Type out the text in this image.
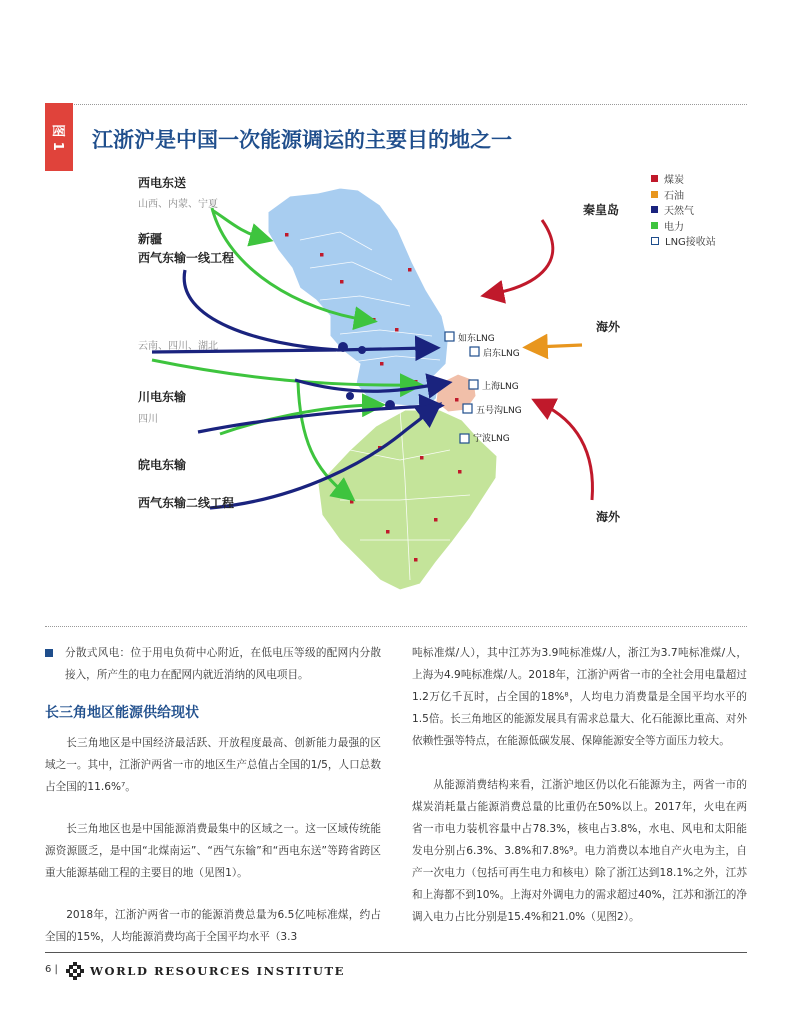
图 1 江浙沪是中国一次能源调运的主要目的地之一
西电东送
山西、内蒙、宁夏
新疆
西气东输一线工程
云南、四川、湖北
川电东输
四川
皖电东输
西气东输二线工程
秦皇岛
海外
海外
如东LNG
启东LNG
上海LNG
五号沟LNG
宁波LNG
煤炭
石油
天然气
电力
LNG接收站

分散式风电：位于用电负荷中心附近，在低电压等级的配网内分散接入，所产生的电力在配网内就近消纳的风电项目。

长三角地区能源供给现状

长三角地区是中国经济最活跃、开放程度最高、创新能力最强的区域之一。其中，江浙沪两省一市的地区生产总值占全国的1/5，人口总数占全国的11.6%⁷。

长三角地区也是中国能源消费最集中的区域之一。这一区域传统能源资源匮乏，是中国“北煤南运”、“西气东输”和“西电东送”等跨省跨区重大能源基础工程的主要目的地（见图1）。

2018年，江浙沪两省一市的能源消费总量为6.5亿吨标准煤，约占全国的15%，人均能源消费均高于全国平均水平（3.3

吨标准煤/人），其中江苏为3.9吨标准煤/人，浙江为3.7吨标准煤/人，上海为4.9吨标准煤/人。2018年，江浙沪两省一市的全社会用电量超过1.2万亿千瓦时，占全国的18%⁸，人均电力消费量是全国平均水平的1.5倍。长三角地区的能源发展具有需求总量大、化石能源比重高、对外依赖性强等特点，在能源低碳发展、保障能源安全等方面压力较大。

从能源消费结构来看，江浙沪地区仍以化石能源为主，两省一市的煤炭消耗量占能源消费总量的比重仍在50%以上。2017年，火电在两省一市电力装机容量中占78.3%，核电占3.8%，水电、风电和太阳能发电分别占6.3%、3.8%和7.8%⁹。电力消费以本地自产火电为主，自产一次电力（包括可再生电力和核电）除了浙江达到18.1%之外，江苏和上海都不到10%。上海对外调电力的需求超过40%，江苏和浙江的净调入电力占比分别是15.4%和21.0%（见图2）。

6 |	WORLD RESOURCES INSTITUTE
